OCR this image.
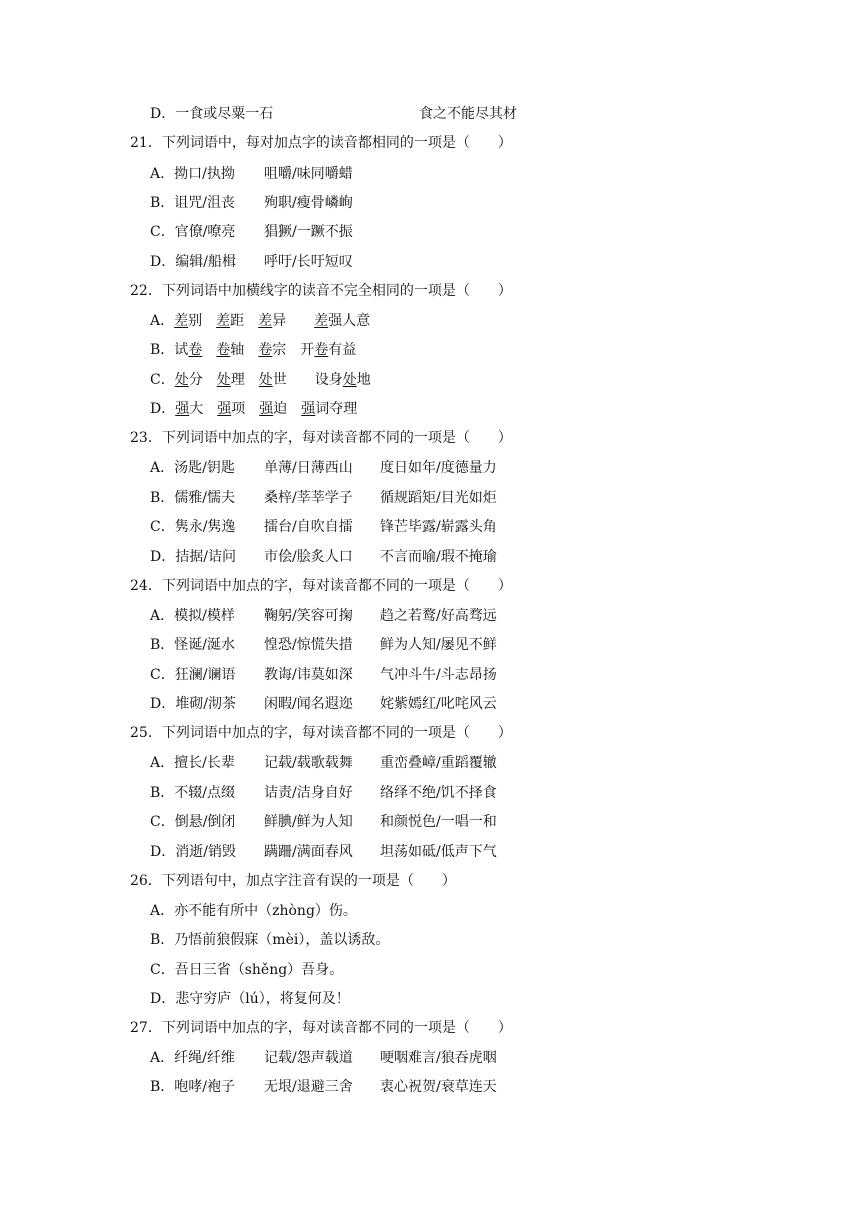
D．一食或尽粟一石	食之不能尽其材
21．下列词语中，每对加点字的读音都相同的一项是（　　）
A．拗口/执拗 咀嚼/味同嚼蜡
B．诅咒/沮丧 殉职/瘦骨嶙峋
C．官僚/嘹亮 猖獗/一蹶不振
D．编辑/船楫 呼吁/长吁短叹
22．下列词语中加横线字的读音不完全相同的一项是（　　）
A．差别　 差距　 差异　　 差强人意
B．试卷　 卷轴　 卷宗　 开卷有益
C．处分　 处理　 处世　　 设身处地
D．强大　 强项　 强迫　 强词夺理
23．下列词语中加点的字，每对读音都不同的一项是（　　）
A．汤匙/钥匙 单薄/日薄西山 度日如年/度德量力
B．儒雅/懦夫 桑梓/莘莘学子 循规蹈矩/目光如炬
C．隽永/隽逸 擂台/自吹自擂 锋芒毕露/崭露头角
D．拮据/诘问 市侩/脍炙人口 不言而喻/瑕不掩瑜
24．下列词语中加点的字，每对读音都不同的一项是（　　）
A．模拟/模样 鞠躬/笑容可掬 趋之若鹜/好高骛远
B．怪诞/涎水 惶恐/惊慌失措 鲜为人知/屡见不鲜
C．狂澜/谰语 教诲/讳莫如深 气冲斗牛/斗志昂扬
D．堆砌/沏茶 闲暇/闻名遐迩 姹紫嫣红/叱咤风云
25．下列词语中加点的字，每对读音都不同的一项是（　　）
A．擅长/长辈 记载/载歌载舞 重峦叠嶂/重蹈覆辙
B．不辍/点缀 诘责/洁身自好 络绎不绝/饥不择食
C．倒悬/倒闭 鲜腆/鲜为人知 和颜悦色/一唱一和
D．消逝/销毁 蹒跚/满面春风 坦荡如砥/低声下气
26．下列语句中，加点字注音有误的一项是（　　）
A．亦不能有所中（zhòng）伤。
B．乃悟前狼假寐（mèi），盖以诱敌。
C．吾日三省（shěng）吾身。
D．悲守穷庐（lú），将复何及！
27．下列词语中加点的字，每对读音都不同的一项是（　　）
A．纤绳/纤维 记载/怨声载道 哽咽难言/狼吞虎咽
B．咆哮/袍子 无垠/退避三舍 衷心祝贺/衰草连天
